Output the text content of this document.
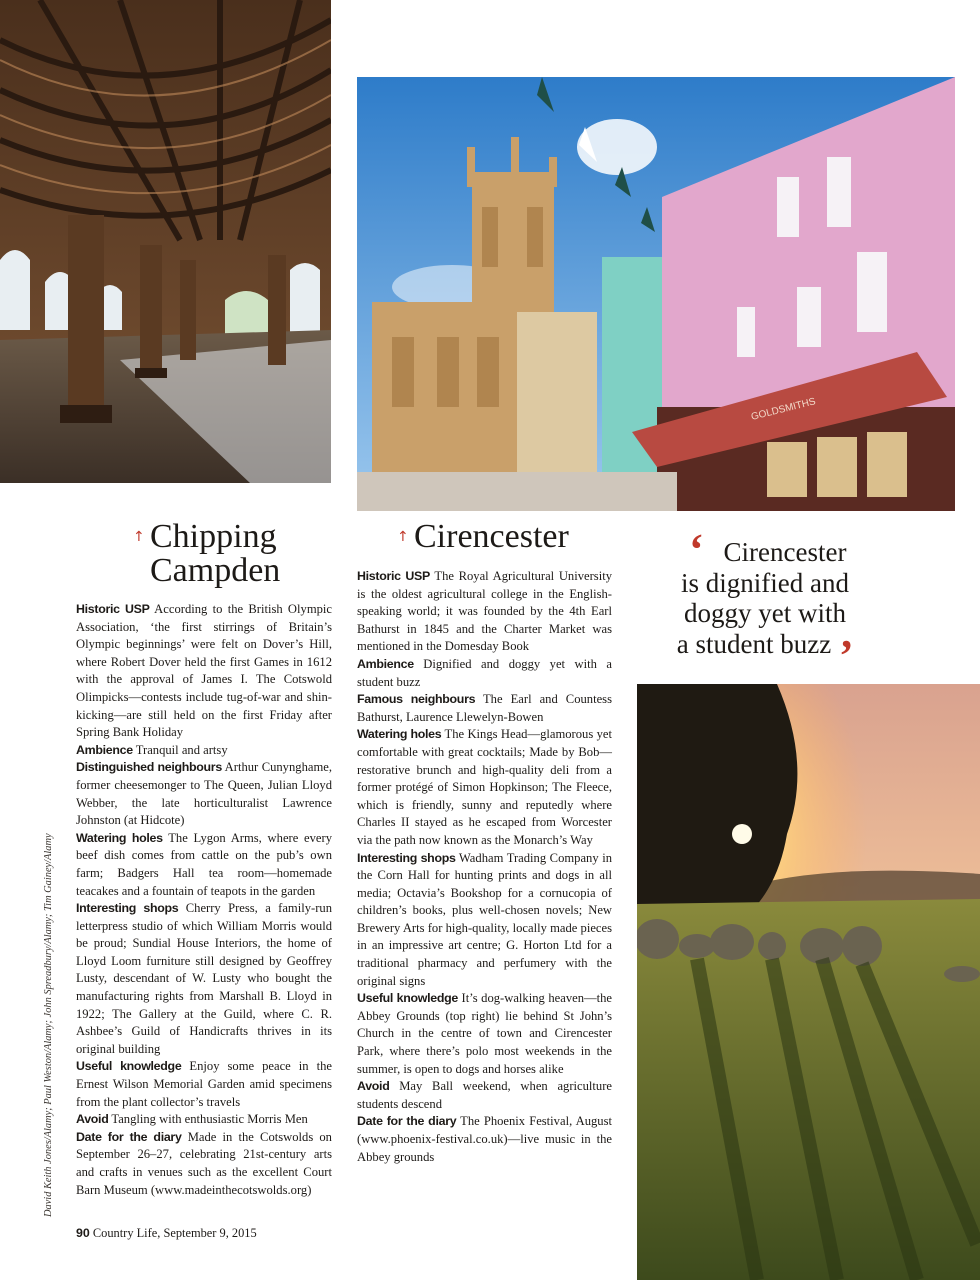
GOLDSMITHS
↑ Chipping
Campden
↑ Cirencester

Historic USP According to the British Olympic Association, ‘the first stirrings of Britain’s Olympic beginnings’ were felt on Dover’s Hill, where Robert Dover held the first Games in 1612 with the approval of James I. The Cotswold Olimpicks—contests include tug-of-war and shin-kicking—are still held on the first Friday after Spring Bank Holiday

Ambience Tranquil and artsy

Distinguished neighbours Arthur Cunynghame, former cheesemonger to The Queen, Julian Lloyd Webber, the late horticulturalist Lawrence Johnston (at Hidcote)

Watering holes The Lygon Arms, where every beef dish comes from cattle on the pub’s own farm; Badgers Hall tea room—homemade teacakes and a fountain of teapots in the garden

Interesting shops Cherry Press, a family-run letterpress studio of which William Morris would be proud; Sundial House Interiors, the home of Lloyd Loom furniture still designed by Geoffrey Lusty, descendant of W. Lusty who bought the manufacturing rights from Marshall B. Lloyd in 1922; The Gallery at the Guild, where C. R. Ashbee’s Guild of Handicrafts thrives in its original building

Useful knowledge Enjoy some peace in the Ernest Wilson Memorial Garden amid specimens from the plant collector’s travels

Avoid Tangling with enthusiastic Morris Men

Date for the diary Made in the Cotswolds on September 26–27, celebrating 21st-century arts and crafts in venues such as the excellent Court Barn Museum (www.madeinthecotswolds.org)

Historic USP The Royal Agricultural University is the oldest agricultural college in the English-speaking world; it was founded by the 4th Earl Bathurst in 1845 and the Charter Market was mentioned in the Domesday Book

Ambience Dignified and doggy yet with a student buzz

Famous neighbours The Earl and Countess Bathurst, Laurence Llewelyn-Bowen

Watering holes The Kings Head—glamorous yet comfortable with great cocktails; Made by Bob—restorative brunch and high-quality deli from a former protégé of Simon Hopkinson; The Fleece, which is friendly, sunny and reputedly where Charles II stayed as he escaped from Worcester via the path now known as the Monarch’s Way

Interesting shops Wadham Trading Company in the Corn Hall for hunting prints and dogs in all media; Octavia’s Bookshop for a cornucopia of children’s books, plus well-chosen novels; New Brewery Arts for high-quality, locally made pieces in an impressive art centre; G. Horton Ltd for a traditional pharmacy and perfumery with the original signs

Useful knowledge It’s dog-walking heaven—the Abbey Grounds (top right) lie behind St John’s Church in the centre of town and Cirencester Park, where there’s polo most weekends in the summer, is open to dogs and horses alike

Avoid May Ball weekend, when agriculture students descend

Date for the diary The Phoenix Festival, August (www.phoenix-festival.co.uk)—live music in the Abbey grounds

‘ Cirencester
is dignified and
doggy yet with
a student buzz ’
David Keith Jones/Alamy; Paul Weston/Alamy; John Spreadbury/Alamy; Tim Gainey/Alamy
90 Country Life, September 9, 2015
